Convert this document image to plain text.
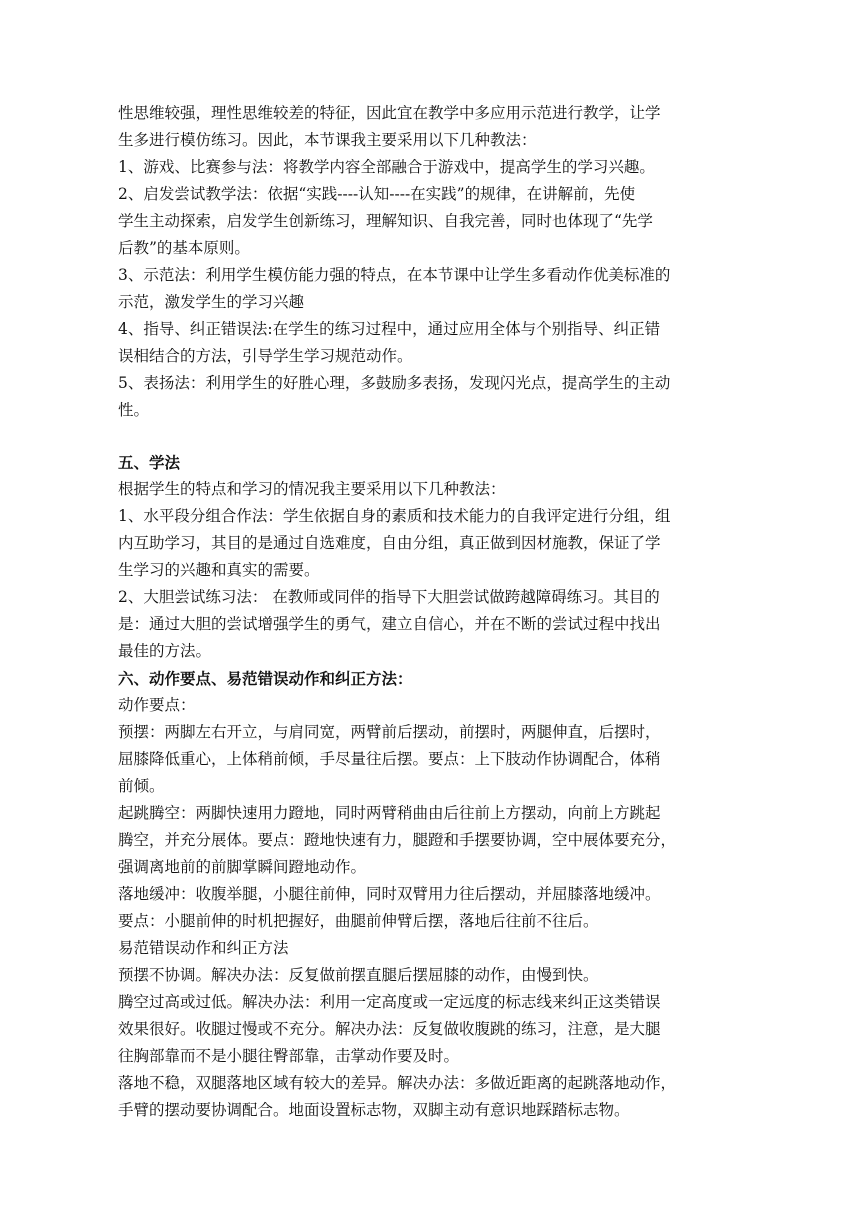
性思维较强，理性思维较差的特征，因此宜在教学中多应用示范进行教学，让学
生多进行模仿练习。因此，本节课我主要采用以下几种教法：
1、游戏、比赛参与法：将教学内容全部融合于游戏中，提高学生的学习兴趣。
2、启发尝试教学法：依据“实践----认知----在实践”的规律，在讲解前，先使
学生主动探索，启发学生创新练习，理解知识、自我完善，同时也体现了“先学
后教”的基本原则。
3、示范法：利用学生模仿能力强的特点，在本节课中让学生多看动作优美标准的
示范，激发学生的学习兴趣
4、指导、纠正错误法:在学生的练习过程中，通过应用全体与个别指导、纠正错
误相结合的方法，引导学生学习规范动作。
5、表扬法：利用学生的好胜心理，多鼓励多表扬，发现闪光点，提高学生的主动
性。
五、学法
根据学生的特点和学习的情况我主要采用以下几种教法：
1、水平段分组合作法：学生依据自身的素质和技术能力的自我评定进行分组，组
内互助学习，其目的是通过自选难度，自由分组，真正做到因材施教，保证了学
生学习的兴趣和真实的需要。
2、大胆尝试练习法： 在教师或同伴的指导下大胆尝试做跨越障碍练习。其目的
是：通过大胆的尝试增强学生的勇气，建立自信心，并在不断的尝试过程中找出
最佳的方法。
六、动作要点、易范错误动作和纠正方法：
动作要点：
预摆：两脚左右开立，与肩同宽，两臂前后摆动，前摆时，两腿伸直，后摆时，
屈膝降低重心，上体稍前倾，手尽量往后摆。要点：上下肢动作协调配合，体稍
前倾。
起跳腾空：两脚快速用力蹬地，同时两臂稍曲由后往前上方摆动，向前上方跳起
腾空，并充分展体。要点：蹬地快速有力，腿蹬和手摆要协调，空中展体要充分，
强调离地前的前脚掌瞬间蹬地动作。
落地缓冲：收腹举腿，小腿往前伸，同时双臂用力往后摆动，并屈膝落地缓冲。
要点：小腿前伸的时机把握好，曲腿前伸臂后摆，落地后往前不往后。
易范错误动作和纠正方法
预摆不协调。解决办法：反复做前摆直腿后摆屈膝的动作，由慢到快。
腾空过高或过低。解决办法：利用一定高度或一定远度的标志线来纠正这类错误
效果很好。收腿过慢或不充分。解决办法：反复做收腹跳的练习，注意，是大腿
往胸部靠而不是小腿往臀部靠，击掌动作要及时。
落地不稳，双腿落地区域有较大的差异。解决办法：多做近距离的起跳落地动作，
手臂的摆动要协调配合。地面设置标志物，双脚主动有意识地踩踏标志物。
